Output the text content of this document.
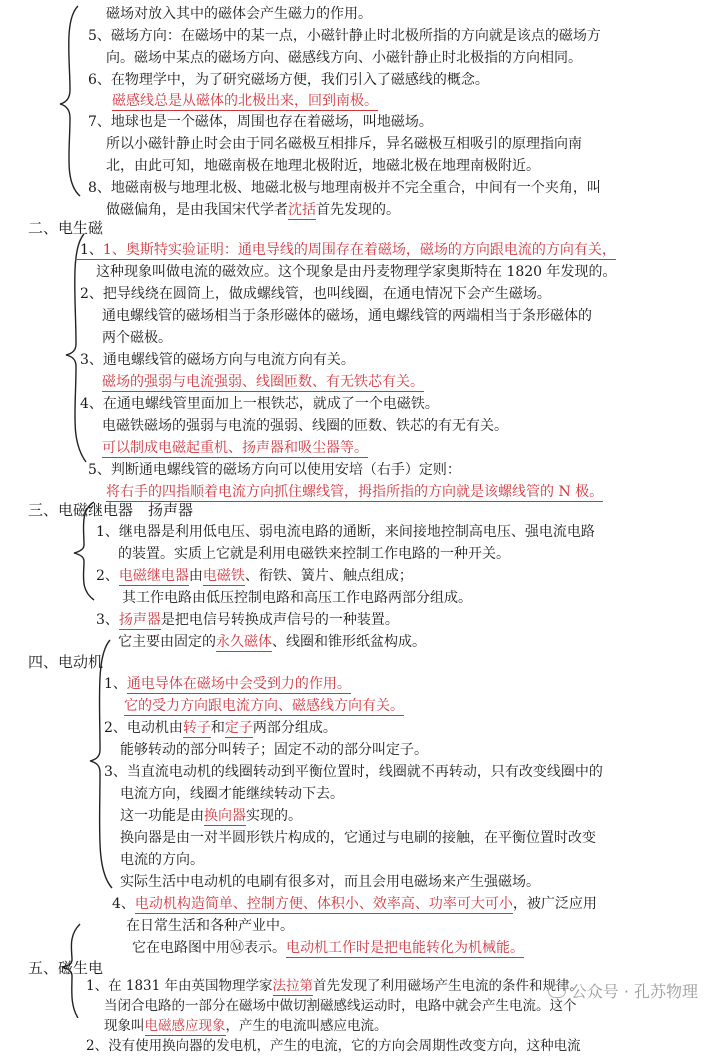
磁场对放入其中的磁体会产生磁力的作用。
5、磁场方向：在磁场中的某一点，小磁针静止时北极所指的方向就是该点的磁场方
向。磁场中某点的磁场方向、磁感线方向、小磁针静止时北极指的方向相同。
6、在物理学中，为了研究磁场方便，我们引入了磁感线的概念。
磁感线总是从磁体的北极出来，回到南极。
7、地球也是一个磁体，周围也存在着磁场，叫地磁场。
所以小磁针静止时会由于同名磁极互相排斥，异名磁极互相吸引的原理指向南
北，由此可知，地磁南极在地理北极附近，地磁北极在地理南极附近。
8、地磁南极与地理北极、地磁北极与地理南极并不完全重合，中间有一个夹角，叫
做磁偏角，是由我国宋代学者沈括首先发现的。
二、电生磁
1、1、奥斯特实验证明：通电导线的周围存在着磁场，磁场的方向跟电流的方向有关，
这种现象叫做电流的磁效应。这个现象是由丹麦物理学家奥斯特在 1820 年发现的。
2、把导线绕在圆筒上，做成螺线管，也叫线圈，在通电情况下会产生磁场。
通电螺线管的磁场相当于条形磁体的磁场，通电螺线管的两端相当于条形磁体的
两个磁极。
3、通电螺线管的磁场方向与电流方向有关。
磁场的强弱与电流强弱、线圈匝数、有无铁芯有关。
4、在通电螺线管里面加上一根铁芯，就成了一个电磁铁。
电磁铁磁场的强弱与电流的强弱、线圈的匝数、铁芯的有无有关。
可以制成电磁起重机、扬声器和吸尘器等。
5、判断通电螺线管的磁场方向可以使用安培（右手）定则：
将右手的四指顺着电流方向抓住螺线管，拇指所指的方向就是该螺线管的 N 极。
三、电磁继电器　扬声器
1、继电器是利用低电压、弱电流电路的通断，来间接地控制高电压、强电流电路
的装置。实质上它就是利用电磁铁来控制工作电路的一种开关。
2、电磁继电器由电磁铁、衔铁、簧片、触点组成；
其工作电路由低压控制电路和高压工作电路两部分组成。
3、扬声器是把电信号转换成声信号的一种装置。
它主要由固定的永久磁体、线圈和锥形纸盆构成。
四、电动机
1、通电导体在磁场中会受到力的作用。
它的受力方向跟电流方向、磁感线方向有关。
2、电动机由转子和定子两部分组成。
能够转动的部分叫转子；固定不动的部分叫定子。
3、当直流电动机的线圈转动到平衡位置时，线圈就不再转动，只有改变线圈中的
电流方向，线圈才能继续转动下去。
这一功能是由换向器实现的。
换向器是由一对半圆形铁片构成的，它通过与电刷的接触，在平衡位置时改变
电流的方向。
实际生活中电动机的电刷有很多对，而且会用电磁场来产生强磁场。
4、电动机构造简单、控制方便、体积小、效率高、功率可大可小，被广泛应用
在日常生活和各种产业中。
它在电路图中用Ⓜ表示。电动机工作时是把电能转化为机械能。
五、磁生电
1、在 1831 年由英国物理学家法拉第首先发现了利用磁场产生电流的条件和规律。
当闭合电路的一部分在磁场中做切割磁感线运动时，电路中就会产生电流。这个
现象叫电磁感应现象，产生的电流叫感应电流。
2、没有使用换向器的发电机，产生的电流，它的方向会周期性改变方向，这种电流
公众号 · 孔苏物理
